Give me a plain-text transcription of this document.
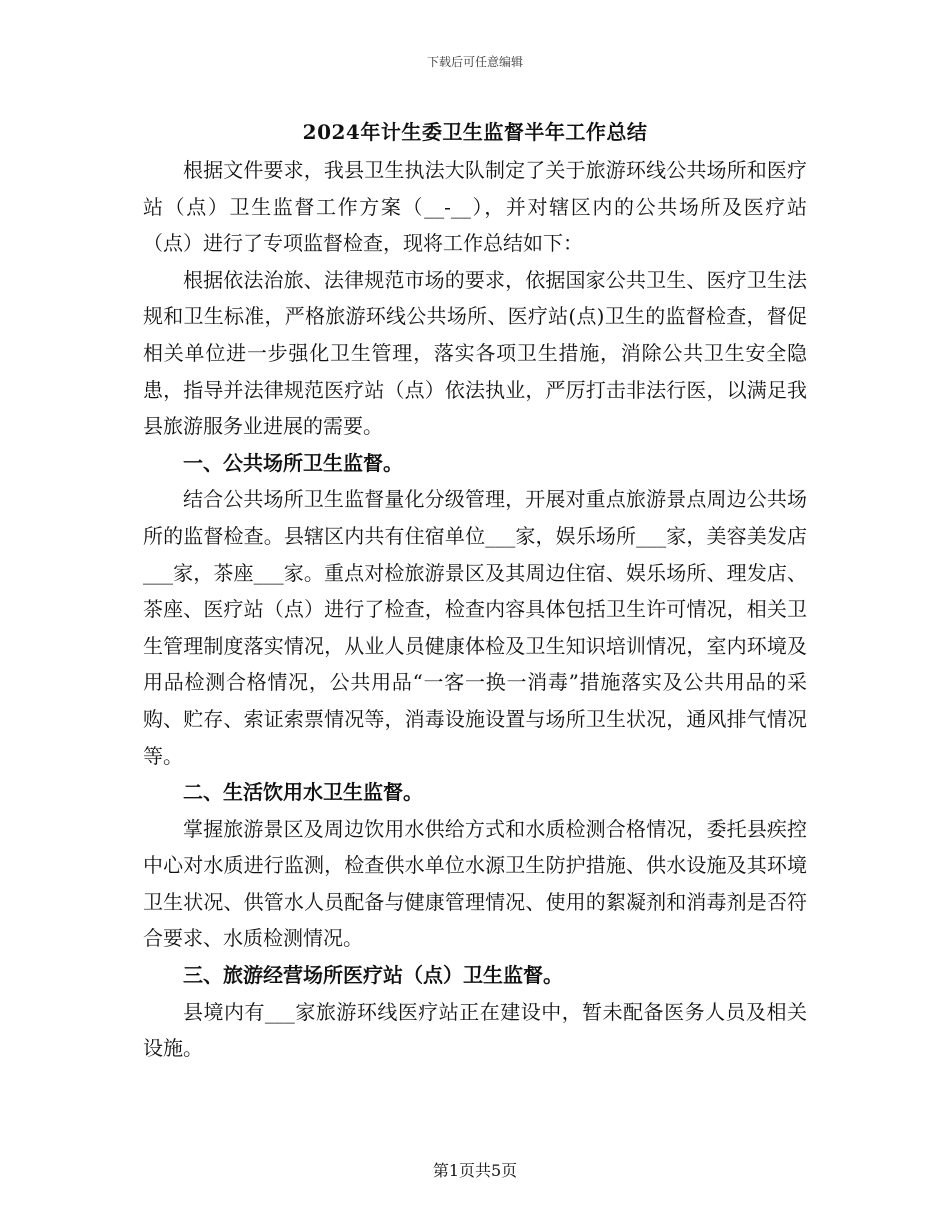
下载后可任意编辑
2024年计生委卫生监督半年工作总结

根据文件要求，我县卫生执法大队制定了关于旅游环线公共场所和医疗站（点）卫生监督工作方案（__-__），并对辖区内的公共场所及医疗站（点）进行了专项监督检查，现将工作总结如下：

根据依法治旅、法律规范市场的要求，依据国家公共卫生、医疗卫生法规和卫生标准，严格旅游环线公共场所、医疗站(点)卫生的监督检查，督促相关单位进一步强化卫生管理，落实各项卫生措施，消除公共卫生安全隐患，指导并法律规范医疗站（点）依法执业，严厉打击非法行医，以满足我县旅游服务业进展的需要。

一、公共场所卫生监督。

结合公共场所卫生监督量化分级管理，开展对重点旅游景点周边公共场所的监督检查。县辖区内共有住宿单位___家，娱乐场所___家，美容美发店___家，茶座___家。重点对检旅游景区及其周边住宿、娱乐场所、理发店、茶座、医疗站（点）进行了检查，检查内容具体包括卫生许可情况，相关卫生管理制度落实情况，从业人员健康体检及卫生知识培训情况，室内环境及用品检测合格情况，公共用品“一客一换一消毒”措施落实及公共用品的采购、贮存、索证索票情况等，消毒设施设置与场所卫生状况，通风排气情况等。

二、生活饮用水卫生监督。

掌握旅游景区及周边饮用水供给方式和水质检测合格情况，委托县疾控中心对水质进行监测，检查供水单位水源卫生防护措施、供水设施及其环境卫生状况、供管水人员配备与健康管理情况、使用的絮凝剂和消毒剂是否符合要求、水质检测情况。

三、旅游经营场所医疗站（点）卫生监督。

县境内有___家旅游环线医疗站正在建设中，暂未配备医务人员及相关设施。

第1页共5页
